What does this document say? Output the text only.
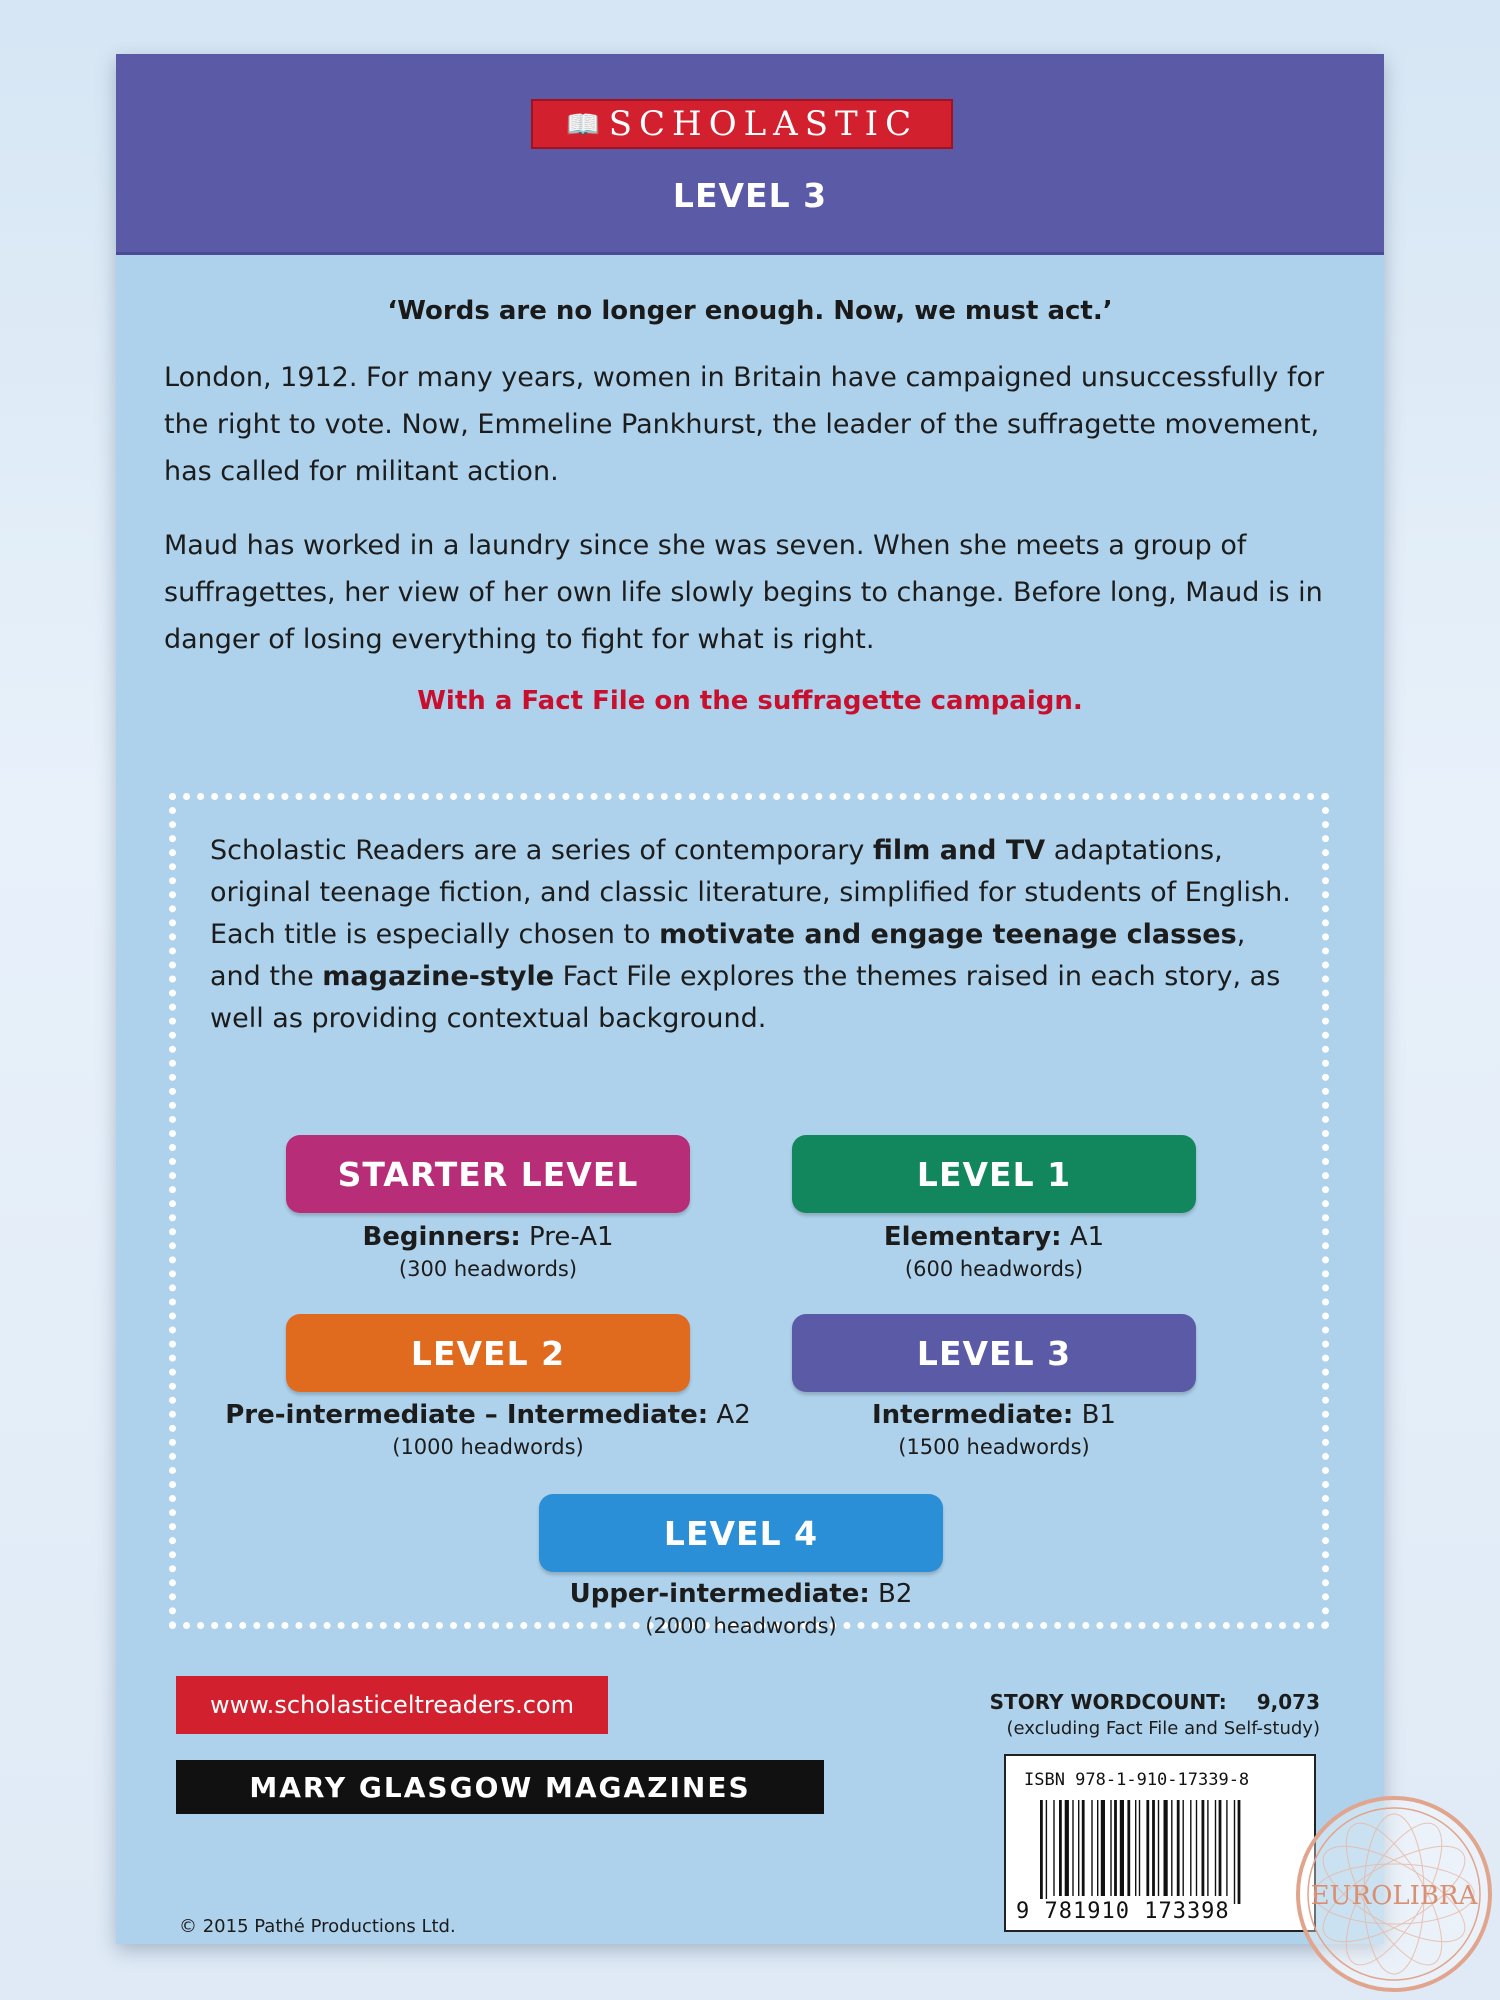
📖 SCHOLASTIC
LEVEL 3
‘Words are no longer enough. Now, we must act.’
London, 1912. For many years, women in Britain have campaigned unsuccessfully for the right to vote. Now, Emmeline Pankhurst, the leader of the suffragette movement, has called for militant action.
Maud has worked in a laundry since she was seven. When she meets a group of suffragettes, her view of her own life slowly begins to change. Before long, Maud is in danger of losing everything to fight for what is right.
With a Fact File on the suffragette campaign.
Scholastic Readers are a series of contemporary film and TV adaptations, original teenage fiction, and classic literature, simplified for students of English. Each title is especially chosen to motivate and engage teenage classes, and the magazine-style Fact File explores the themes raised in each story, as well as providing contextual background.
STARTER LEVEL
Beginners: Pre-A1
(300 headwords)
LEVEL 1
Elementary: A1
(600 headwords)
LEVEL 2
Pre-intermediate – Intermediate: A2
(1000 headwords)
LEVEL 3
Intermediate: B1
(1500 headwords)
LEVEL 4
Upper-intermediate: B2
(2000 headwords)
www.scholasticeltreaders.com
MARY GLASGOW MAGAZINES
STORY WORDCOUNT: 9,073
(excluding Fact File and Self-study)
ISBN 978-1-910-17339-8
9 781910 173398
© 2015 Pathé Productions Ltd.
EUROLIBRA
